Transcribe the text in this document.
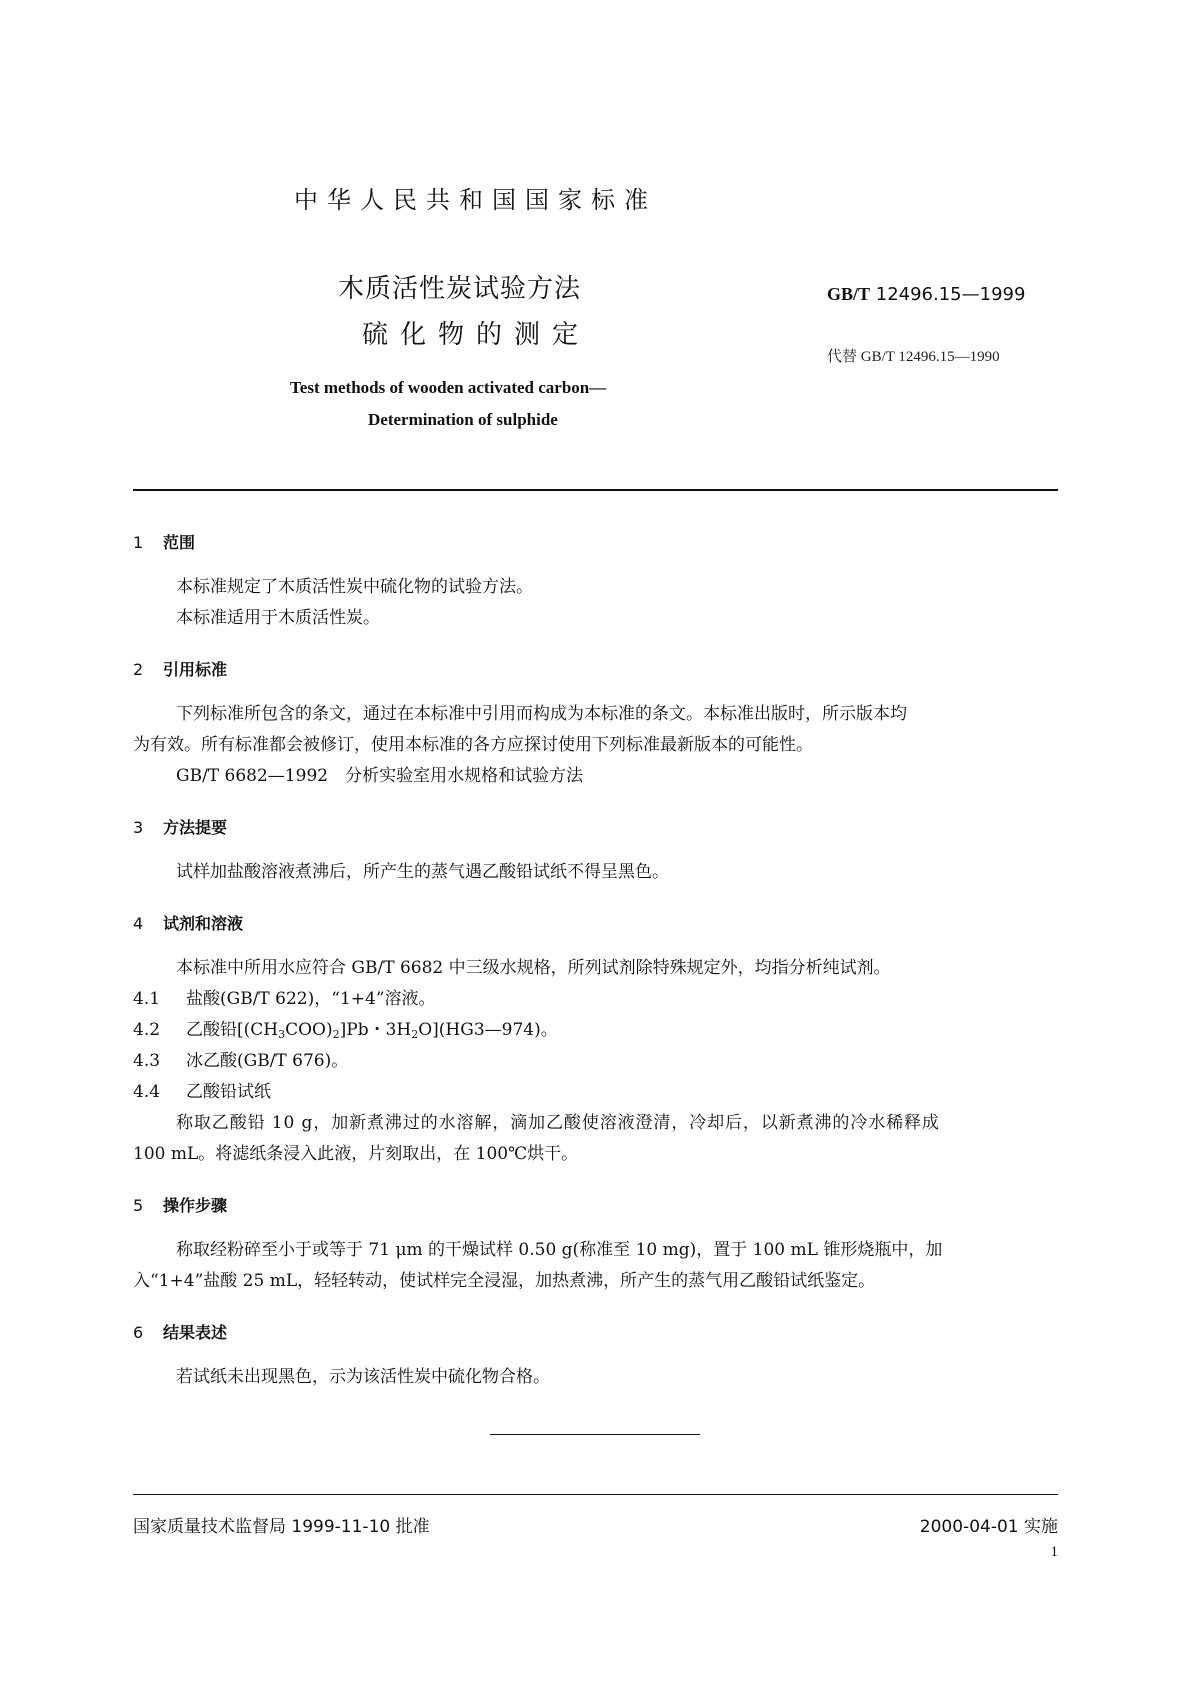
中华人民共和国国家标准
木质活性炭试验方法
硫化物的测定
Test methods of wooden activated carbon—
Determination of sulphide
GB/T 12496.15—1999
代替 GB/T 12496.15—1990
1 范围
本标准规定了木质活性炭中硫化物的试验方法。
本标准适用于木质活性炭。
2 引用标准
下列标准所包含的条文，通过在本标准中引用而构成为本标准的条文。本标准出版时，所示版本均
为有效。所有标准都会被修订，使用本标准的各方应探讨使用下列标准最新版本的可能性。
GB/T 6682—1992　分析实验室用水规格和试验方法
3 方法提要
试样加盐酸溶液煮沸后，所产生的蒸气遇乙酸铅试纸不得呈黑色。
4 试剂和溶液
本标准中所用水应符合 GB/T 6682 中三级水规格，所列试剂除特殊规定外，均指分析纯试剂。
4.1 盐酸(GB/T 622)，“1+4”溶液。
4.2 乙酸铅$[(CH_3COO)_2]Pb$・$3H_2O](HG3—974)$。
4.3 冰乙酸(GB/T 676)。
4.4 乙酸铅试纸
称取乙酸铅 10 g，加新煮沸过的水溶解，滴加乙酸使溶液澄清，冷却后，以新煮沸的冷水稀释成
100 mL。将滤纸条浸入此液，片刻取出，在 100℃烘干。
5 操作步骤
称取经粉碎至小于或等于 71 μm 的干燥试样 0.50 g(称准至 10 mg)，置于 100 mL 锥形烧瓶中，加
入“1+4”盐酸 25 mL，轻轻转动，使试样完全浸湿，加热煮沸，所产生的蒸气用乙酸铅试纸鉴定。
6 结果表述
若试纸未出现黑色，示为该活性炭中硫化物合格。
国家质量技术监督局 1999-11-10 批准	2000-04-01 实施
1
